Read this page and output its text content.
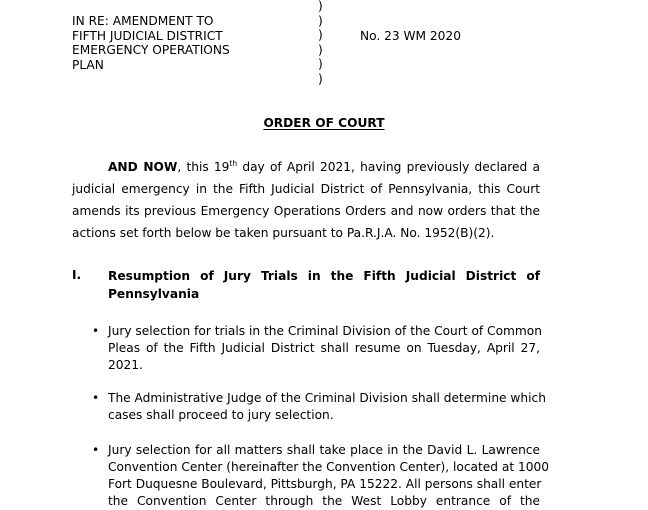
IN RE: AMENDMENT TO
FIFTH JUDICIAL DISTRICT
EMERGENCY OPERATIONS
PLAN
)
)
)
)
)
)
No. 23 WM 2020
ORDER OF COURT
AND NOW, this 19th day of April 2021, having previously declared a
judicial emergency in the Fifth Judicial District of Pennsylvania, this Court
amends its previous Emergency Operations Orders and now orders that the
actions set forth below be taken pursuant to Pa.R.J.A. No. 1952(B)(2).
I. Resumption of Jury Trials in the Fifth Judicial District of
Pennsylvania
• Jury selection for trials in the Criminal Division of the Court of Common
Pleas of the Fifth Judicial District shall resume on Tuesday, April 27,
2021.
• The Administrative Judge of the Criminal Division shall determine which
cases shall proceed to jury selection.
• Jury selection for all matters shall take place in the David L. Lawrence
Convention Center (hereinafter the Convention Center), located at 1000
Fort Duquesne Boulevard, Pittsburgh, PA 15222. All persons shall enter
the Convention Center through the West Lobby entrance of the
